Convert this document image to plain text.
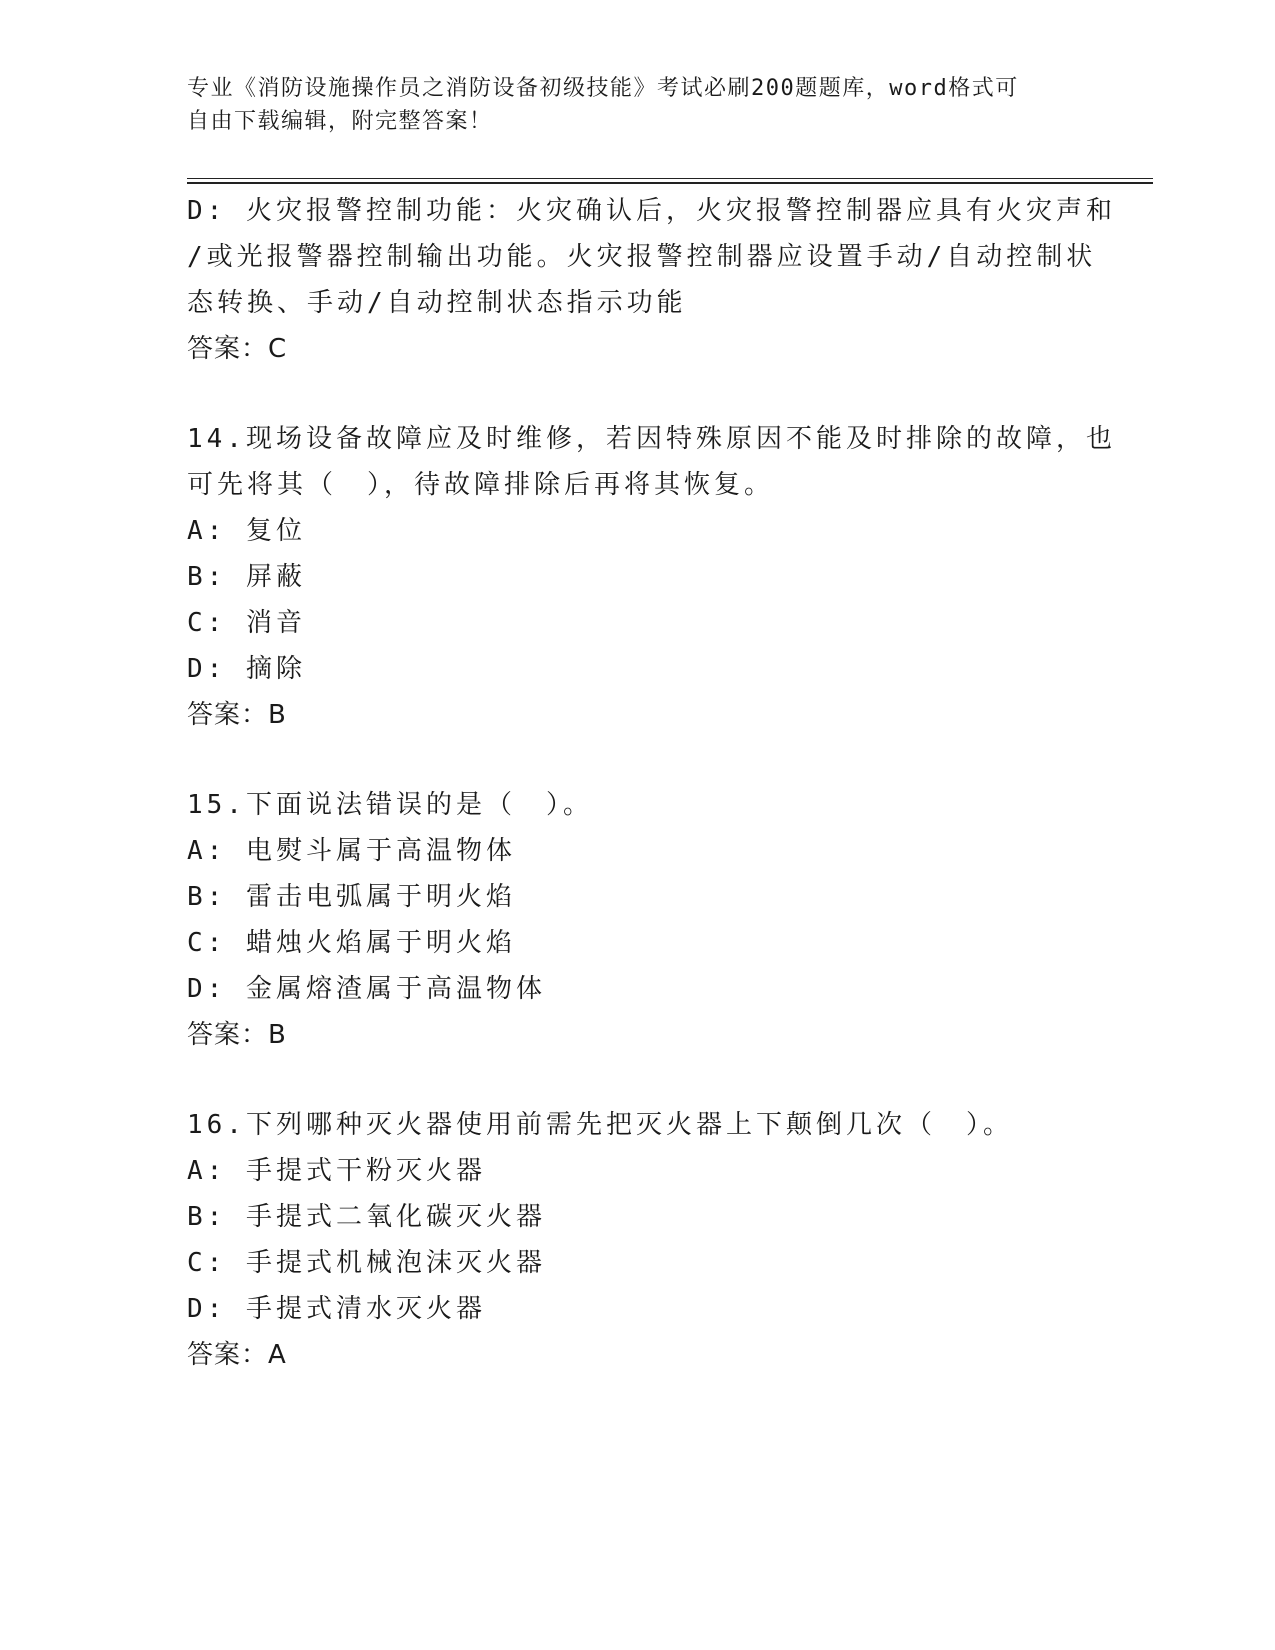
专业《消防设施操作员之消防设备初级技能》考试必刷200题题库，word格式可
自由下载编辑，附完整答案！
D: 火灾报警控制功能：火灾确认后，火灾报警控制器应具有火灾声和
/或光报警器控制输出功能。火灾报警控制器应设置手动/自动控制状
态转换、手动/自动控制状态指示功能
答案：C
14.现场设备故障应及时维修，若因特殊原因不能及时排除的故障，也
可先将其（　），待故障排除后再将其恢复。
A: 复位
B: 屏蔽
C: 消音
D: 摘除
答案：B
15.下面说法错误的是（　）。
A: 电熨斗属于高温物体
B: 雷击电弧属于明火焰
C: 蜡烛火焰属于明火焰
D: 金属熔渣属于高温物体
答案：B
16.下列哪种灭火器使用前需先把灭火器上下颠倒几次（　）。
A: 手提式干粉灭火器
B: 手提式二氧化碳灭火器
C: 手提式机械泡沫灭火器
D: 手提式清水灭火器
答案：A
